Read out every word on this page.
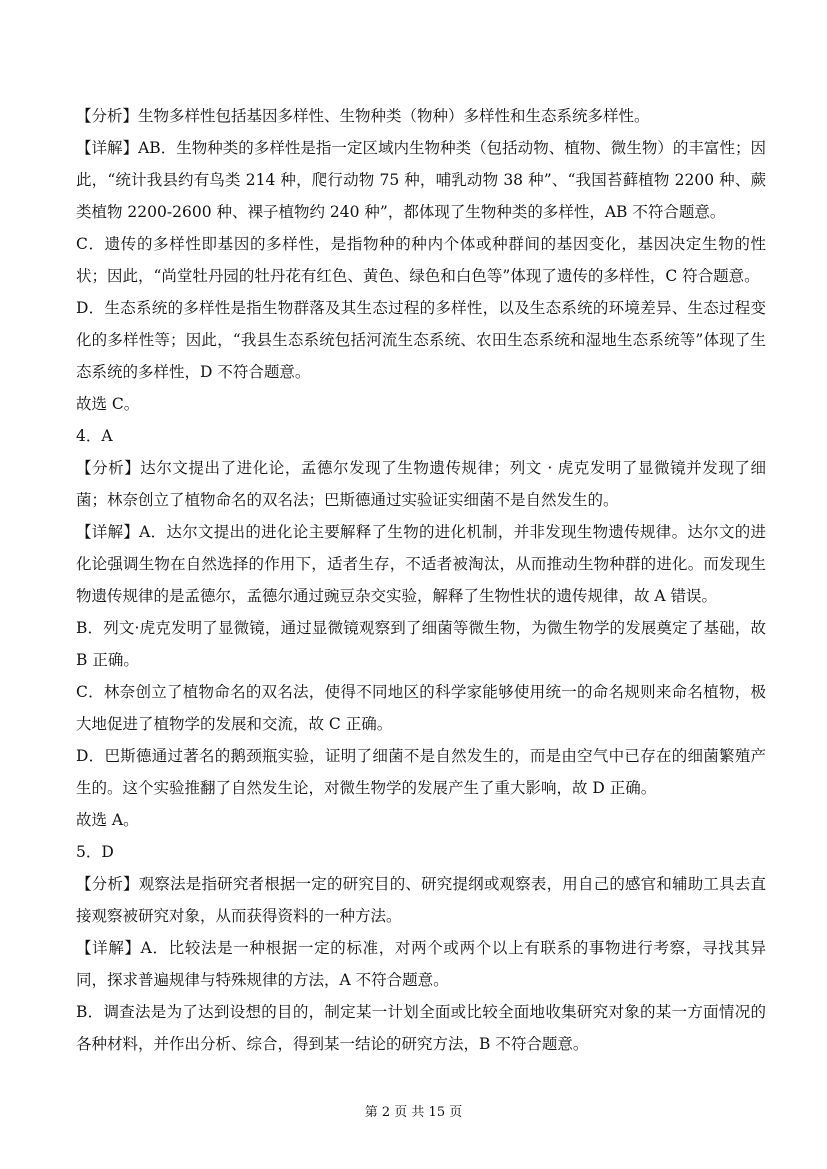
【分析】生物多样性包括基因多样性、生物种类（物种）多样性和生态系统多样性。

【详解】AB．生物种类的多样性是指一定区域内生物种类（包括动物、植物、微生物）的丰富性；因此，“统计我县约有鸟类 214 种，爬行动物 75 种，哺乳动物 38 种”、“我国苔藓植物 2200 种、蕨类植物 2200-2600 种、裸子植物约 240 种”，都体现了生物种类的多样性，AB 不符合题意。

C．遗传的多样性即基因的多样性，是指物种的种内个体或种群间的基因变化，基因决定生物的性状；因此，“尚堂牡丹园的牡丹花有红色、黄色、绿色和白色等”体现了遗传的多样性，C 符合题意。

D．生态系统的多样性是指生物群落及其生态过程的多样性，以及生态系统的环境差异、生态过程变化的多样性等；因此，“我县生态系统包括河流生态系统、农田生态系统和湿地生态系统等”体现了生态系统的多样性，D 不符合题意。

故选 C。

4．A

【分析】达尔文提出了进化论，孟德尔发现了生物遗传规律；列文 · 虎克发明了显微镜并发现了细菌；林奈创立了植物命名的双名法；巴斯德通过实验证实细菌不是自然发生的。

【详解】A．达尔文提出的进化论主要解释了生物的进化机制，并非发现生物遗传规律。达尔文的进化论强调生物在自然选择的作用下，适者生存，不适者被淘汰，从而推动生物种群的进化。而发现生物遗传规律的是孟德尔，孟德尔通过豌豆杂交实验，解释了生物性状的遗传规律，故 A 错误。

B．列文·虎克发明了显微镜，通过显微镜观察到了细菌等微生物，为微生物学的发展奠定了基础，故 B 正确。

C．林奈创立了植物命名的双名法，使得不同地区的科学家能够使用统一的命名规则来命名植物，极大地促进了植物学的发展和交流，故 C 正确。

D．巴斯德通过著名的鹅颈瓶实验，证明了细菌不是自然发生的，而是由空气中已存在的细菌繁殖产生的。这个实验推翻了自然发生论，对微生物学的发展产生了重大影响，故 D 正确。

故选 A。

5．D

【分析】观察法是指研究者根据一定的研究目的、研究提纲或观察表，用自己的感官和辅助工具去直接观察被研究对象，从而获得资料的一种方法。

【详解】A．比较法是一种根据一定的标准，对两个或两个以上有联系的事物进行考察，寻找其异同，探求普遍规律与特殊规律的方法，A 不符合题意。

B．调查法是为了达到设想的目的，制定某一计划全面或比较全面地收集研究对象的某一方面情况的各种材料，并作出分析、综合，得到某一结论的研究方法，B 不符合题意。

第 2 页 共 15 页
